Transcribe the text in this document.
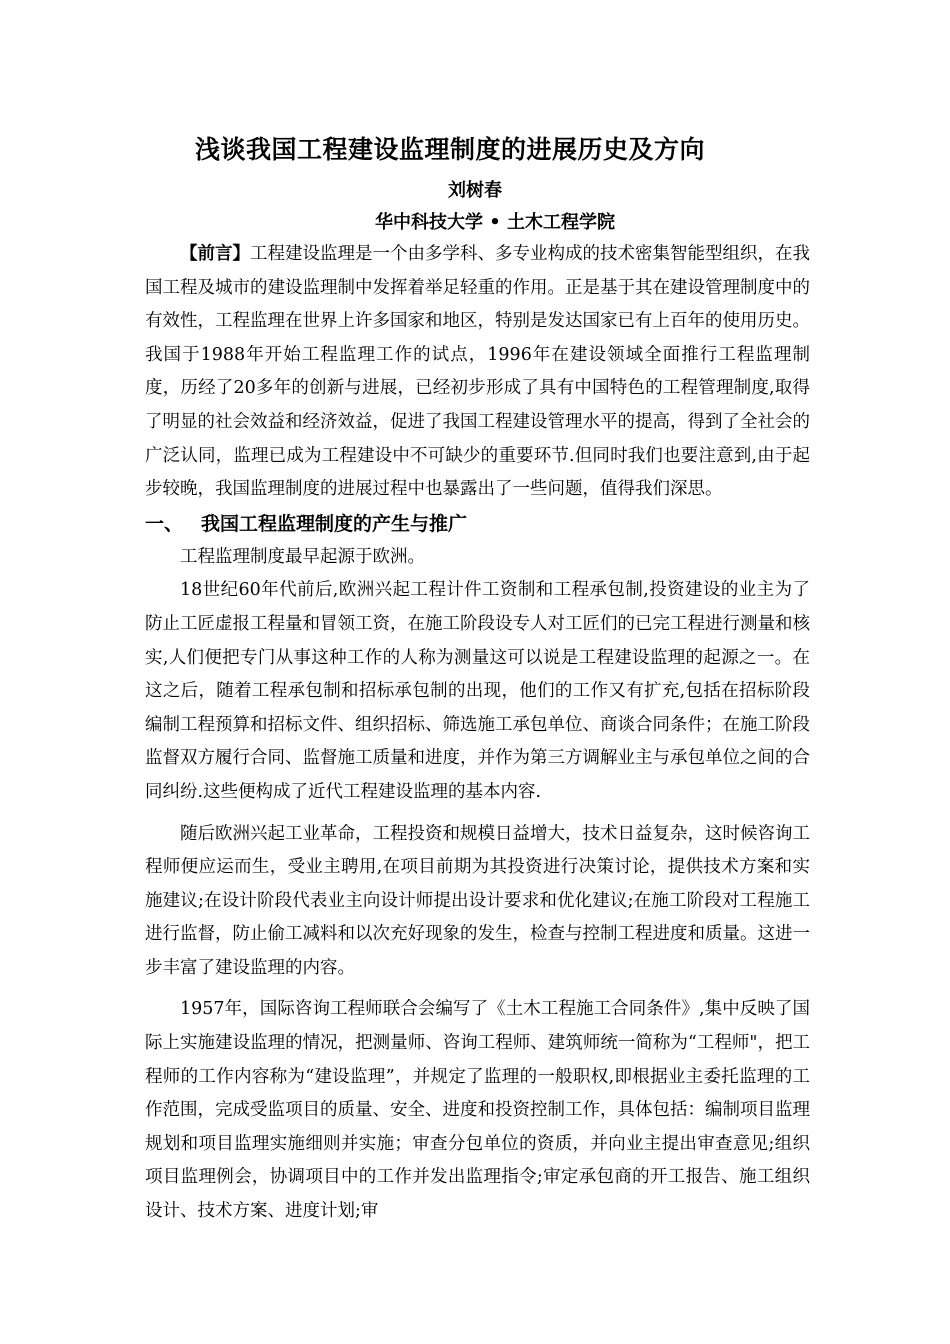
浅谈我国工程建设监理制度的进展历史及方向
刘树春
华中科技大学 • 土木工程学院

【前言】工程建设监理是一个由多学科、多专业构成的技术密集智能型组织，在我国工程及城市的建设监理制中发挥着举足轻重的作用。正是基于其在建设管理制度中的有效性，工程监理在世界上许多国家和地区，特别是发达国家已有上百年的使用历史。我国于1988年开始工程监理工作的试点，1996年在建设领域全面推行工程监理制度，历经了20多年的创新与进展，已经初步形成了具有中国特色的工程管理制度,取得了明显的社会效益和经济效益，促进了我国工程建设管理水平的提高，得到了全社会的广泛认同，监理已成为工程建设中不可缺少的重要环节.但同时我们也要注意到,由于起步较晚，我国监理制度的进展过程中也暴露出了一些问题，值得我们深思。

一、 我国工程监理制度的产生与推广

工程监理制度最早起源于欧洲。

18世纪60年代前后,欧洲兴起工程计件工资制和工程承包制,投资建设的业主为了防止工匠虚报工程量和冒领工资，在施工阶段设专人对工匠们的已完工程进行测量和核实,人们便把专门从事这种工作的人称为测量这可以说是工程建设监理的起源之一。在这之后，随着工程承包制和招标承包制的出现，他们的工作又有扩充,包括在招标阶段编制工程预算和招标文件、组织招标、筛选施工承包单位、商谈合同条件；在施工阶段监督双方履行合同、监督施工质量和进度，并作为第三方调解业主与承包单位之间的合同纠纷.这些便构成了近代工程建设监理的基本内容.

随后欧洲兴起工业革命，工程投资和规模日益增大，技术日益复杂，这时候咨询工程师便应运而生，受业主聘用,在项目前期为其投资进行决策讨论，提供技术方案和实施建议;在设计阶段代表业主向设计师提出设计要求和优化建议;在施工阶段对工程施工进行监督，防止偷工减料和以次充好现象的发生，检查与控制工程进度和质量。这进一步丰富了建设监理的内容。

1957年，国际咨询工程师联合会编写了《土木工程施工合同条件》,集中反映了国际上实施建设监理的情况，把测量师、咨询工程师、建筑师统一简称为“工程师"，把工程师的工作内容称为“建设监理”，并规定了监理的一般职权,即根据业主委托监理的工作范围，完成受监项目的质量、安全、进度和投资控制工作，具体包括：编制项目监理规划和项目监理实施细则并实施；审查分包单位的资质，并向业主提出审查意见;组织项目监理例会，协调项目中的工作并发出监理指令;审定承包商的开工报告、施工组织设计、技术方案、进度计划;审
